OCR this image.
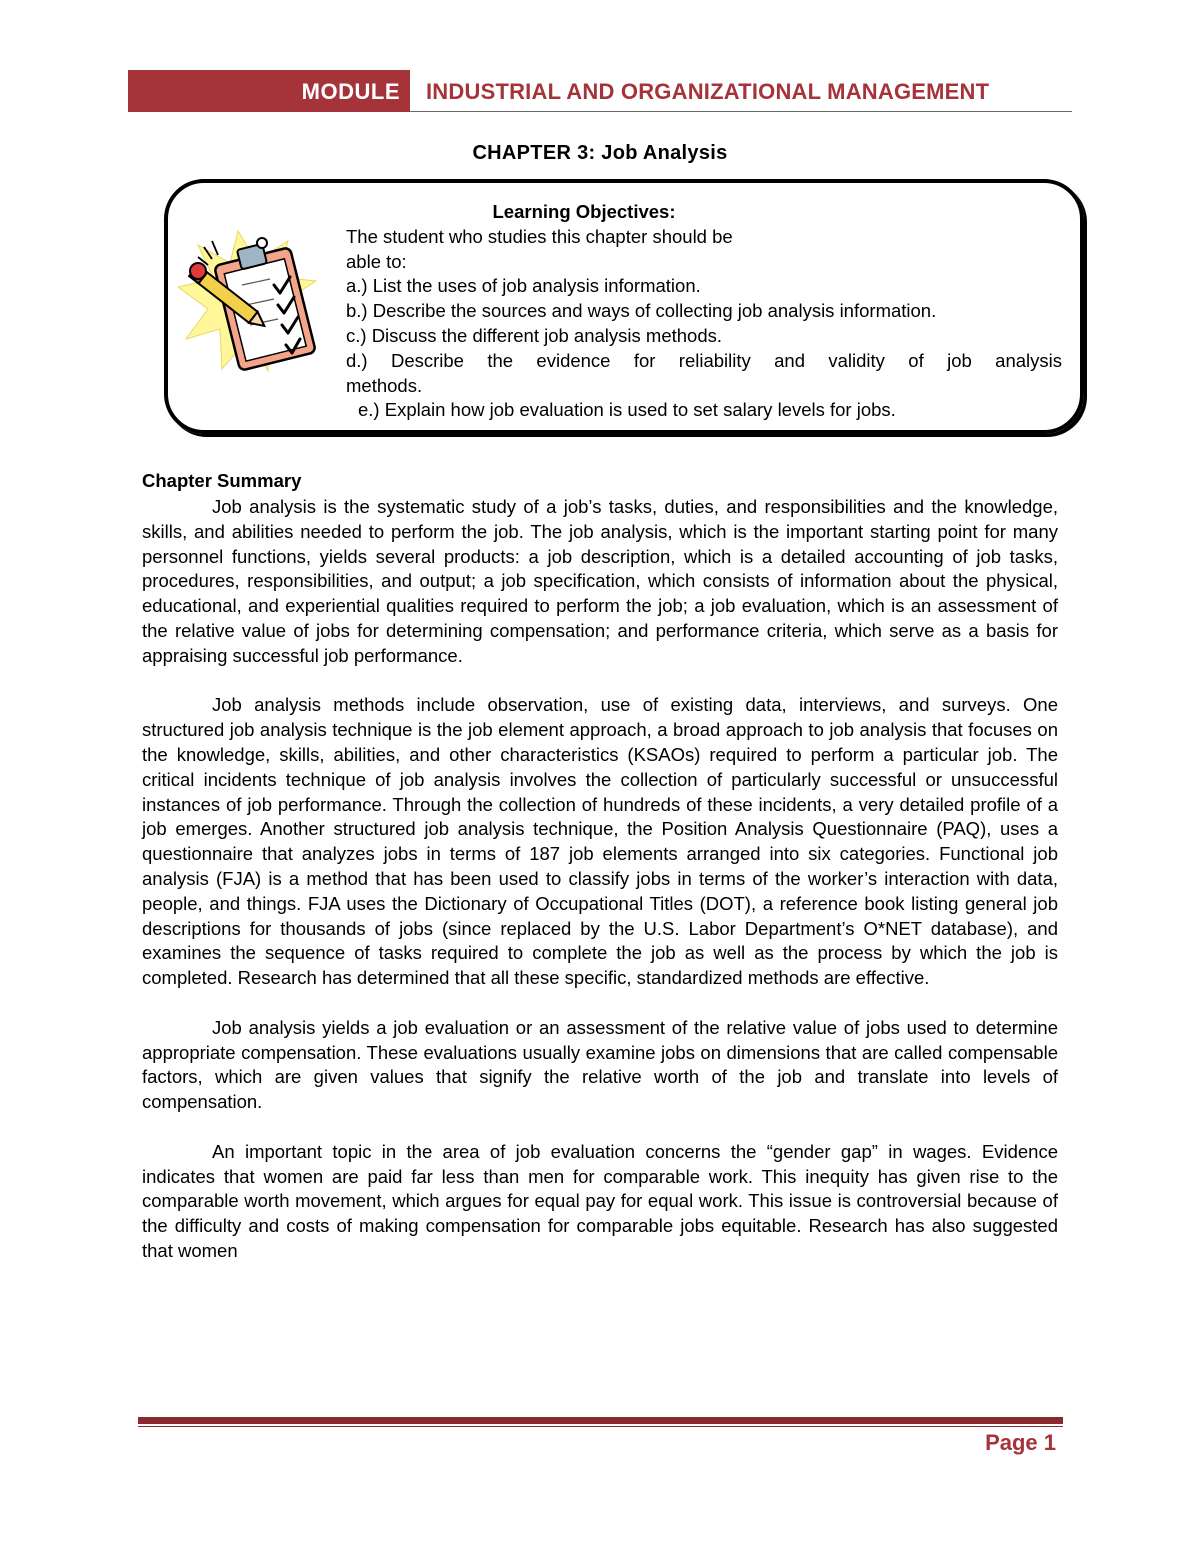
MODULE	INDUSTRIAL AND ORGANIZATIONAL MANAGEMENT
CHAPTER 3: Job Analysis
Learning Objectives:
The student who studies this chapter should be
able to:
a.) List the uses of job analysis information.
b.) Describe the sources and ways of collecting job analysis information.
c.) Discuss the different job analysis methods.
d.) Describe the evidence for reliability and validity of job analysis
methods.
e.) Explain how job evaluation is used to set salary levels for jobs.
Chapter Summary

Job analysis is the systematic study of a job’s tasks, duties, and responsibilities and the knowledge, skills, and abilities needed to perform the job. The job analysis, which is the important starting point for many personnel functions, yields several products: a job description, which is a detailed accounting of job tasks, procedures, responsibilities, and output; a job specification, which consists of information about the physical, educational, and experiential qualities required to perform the job; a job evaluation, which is an assessment of the relative value of jobs for determining compensation; and performance criteria, which serve as a basis for appraising successful job performance.

Job analysis methods include observation, use of existing data, interviews, and surveys. One structured job analysis technique is the job element approach, a broad approach to job analysis that focuses on the knowledge, skills, abilities, and other characteristics (KSAOs) required to perform a particular job. The critical incidents technique of job analysis involves the collection of particularly successful or unsuccessful instances of job performance. Through the collection of hundreds of these incidents, a very detailed profile of a job emerges. Another structured job analysis technique, the Position Analysis Questionnaire (PAQ), uses a questionnaire that analyzes jobs in terms of 187 job elements arranged into six categories. Functional job analysis (FJA) is a method that has been used to classify jobs in terms of the worker’s interaction with data, people, and things. FJA uses the Dictionary of Occupational Titles (DOT), a reference book listing general job descriptions for thousands of jobs (since replaced by the U.S. Labor Department’s O*NET database), and examines the sequence of tasks required to complete the job as well as the process by which the job is completed. Research has determined that all these specific, standardized methods are effective.

Job analysis yields a job evaluation or an assessment of the relative value of jobs used to determine appropriate compensation. These evaluations usually examine jobs on dimensions that are called compensable factors, which are given values that signify the relative worth of the job and translate into levels of compensation.

An important topic in the area of job evaluation concerns the “gender gap” in wages. Evidence indicates that women are paid far less than men for comparable work. This inequity has given rise to the comparable worth movement, which argues for equal pay for equal work. This issue is controversial because of the difficulty and costs of making compensation for comparable jobs equitable. Research has also suggested that women

Page 1
